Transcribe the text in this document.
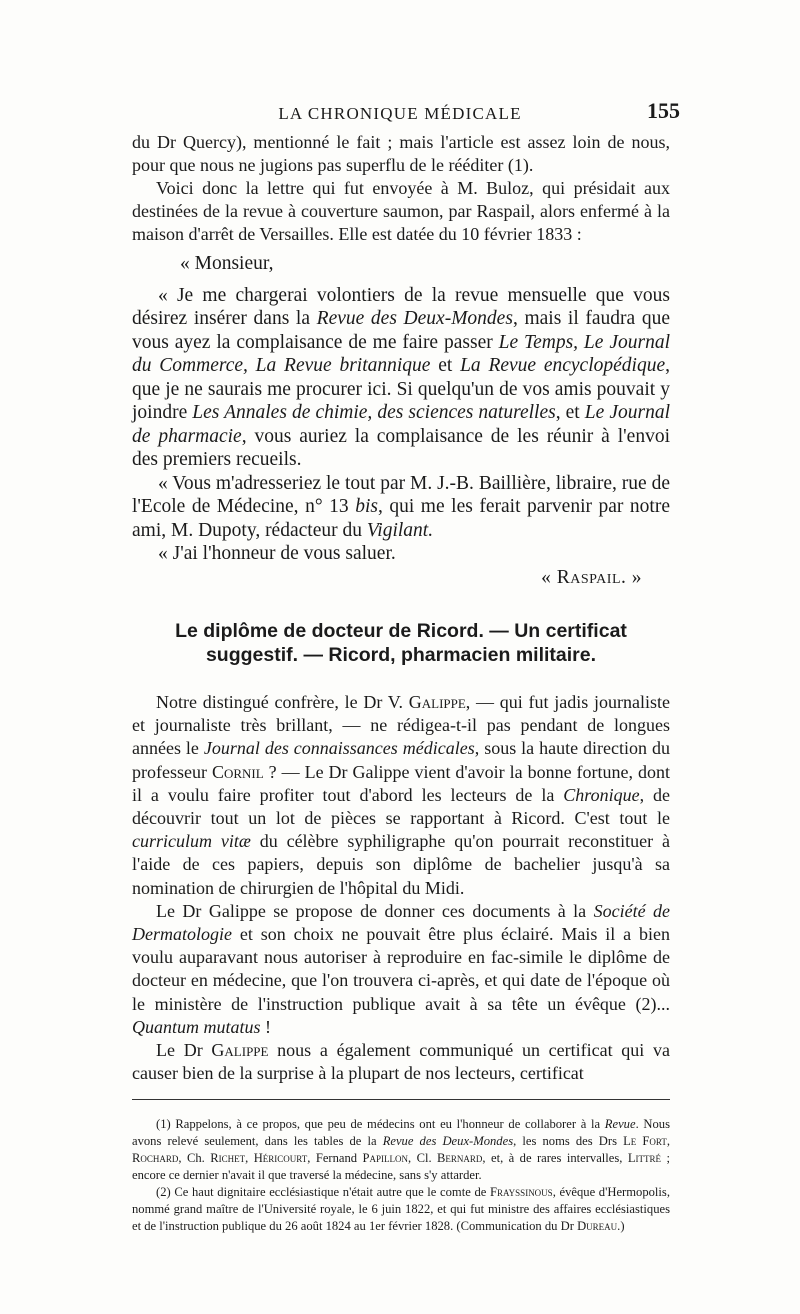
LA CHRONIQUE MÉDICALE	155

du Dr Quercy), mentionné le fait ; mais l'article est assez loin de nous, pour que nous ne jugions pas superflu de le rééditer (1).

Voici donc la lettre qui fut envoyée à M. Buloz, qui présidait aux destinées de la revue à couverture saumon, par Raspail, alors enfermé à la maison d'arrêt de Versailles. Elle est datée du 10 février 1833 :

« Monsieur,

« Je me chargerai volontiers de la revue mensuelle que vous désirez insérer dans la Revue des Deux-Mondes, mais il faudra que vous ayez la complaisance de me faire passer Le Temps, Le Journal du Commerce, La Revue britannique et La Revue encyclopédique, que je ne saurais me procurer ici. Si quelqu'un de vos amis pouvait y joindre Les Annales de chimie, des sciences naturelles, et Le Journal de pharmacie, vous auriez la complaisance de les réunir à l'envoi des premiers recueils.

« Vous m'adresseriez le tout par M. J.-B. Baillière, libraire, rue de l'Ecole de Médecine, n° 13 bis, qui me les ferait parvenir par notre ami, M. Dupoty, rédacteur du Vigilant.

« J'ai l'honneur de vous saluer.

« Raspail. »

Le diplôme de docteur de Ricord. — Un certificat
suggestif. — Ricord, pharmacien militaire.

Notre distingué confrère, le Dr V. Galippe, — qui fut jadis journaliste et journaliste très brillant, — ne rédigea-t-il pas pendant de longues années le Journal des connaissances médicales, sous la haute direction du professeur Cornil ? — Le Dr Galippe vient d'avoir la bonne fortune, dont il a voulu faire profiter tout d'abord les lecteurs de la Chronique, de découvrir tout un lot de pièces se rapportant à Ricord. C'est tout le curriculum vitæ du célèbre syphiligraphe qu'on pourrait reconstituer à l'aide de ces papiers, depuis son diplôme de bachelier jusqu'à sa nomination de chirurgien de l'hôpital du Midi.

Le Dr Galippe se propose de donner ces documents à la Société de Dermatologie et son choix ne pouvait être plus éclairé. Mais il a bien voulu auparavant nous autoriser à reproduire en fac-simile le diplôme de docteur en médecine, que l'on trouvera ci-après, et qui date de l'époque où le ministère de l'instruction publique avait à sa tête un évêque (2)... Quantum mutatus !

Le Dr Galippe nous a également communiqué un certificat qui va causer bien de la surprise à la plupart de nos lecteurs, certificat

(1) Rappelons, à ce propos, que peu de médecins ont eu l'honneur de collaborer à la Revue. Nous avons relevé seulement, dans les tables de la Revue des Deux-Mondes, les noms des Drs Le Fort, Rochard, Ch. Richet, Héricourt, Fernand Papillon, Cl. Bernard, et, à de rares intervalles, Littré ; encore ce dernier n'avait il que traversé la médecine, sans s'y attarder.

(2) Ce haut dignitaire ecclésiastique n'était autre que le comte de Frayssinous, évêque d'Hermopolis, nommé grand maître de l'Université royale, le 6 juin 1822, et qui fut ministre des affaires ecclésiastiques et de l'instruction publique du 26 août 1824 au 1er février 1828. (Communication du Dr Dureau.)
